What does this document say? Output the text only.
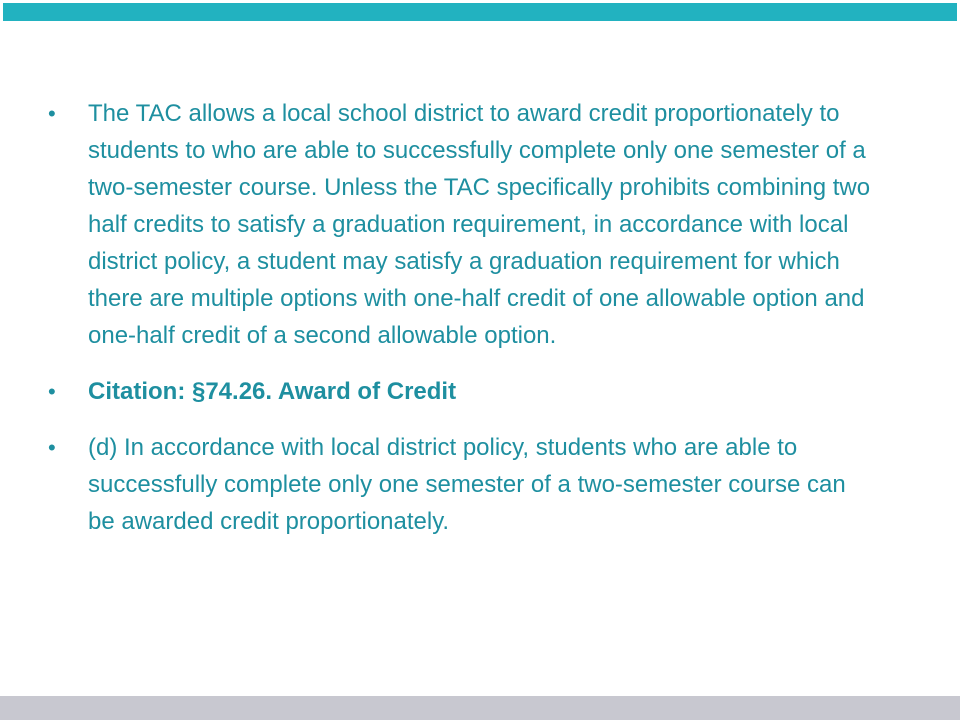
•	The TAC allows a local school district to award credit proportionately to students to who are able to successfully complete only one semester of a two-semester course. Unless the TAC specifically prohibits combining two half credits to satisfy a graduation requirement, in accordance with local district policy, a student may satisfy a graduation requirement for which there are multiple options with one-half credit of one allowable option and one-half credit of a second allowable option.
•	Citation: §74.26. Award of Credit
•	(d) In accordance with local district policy, students who are able to successfully complete only one semester of a two-semester course can be awarded credit proportionately.
